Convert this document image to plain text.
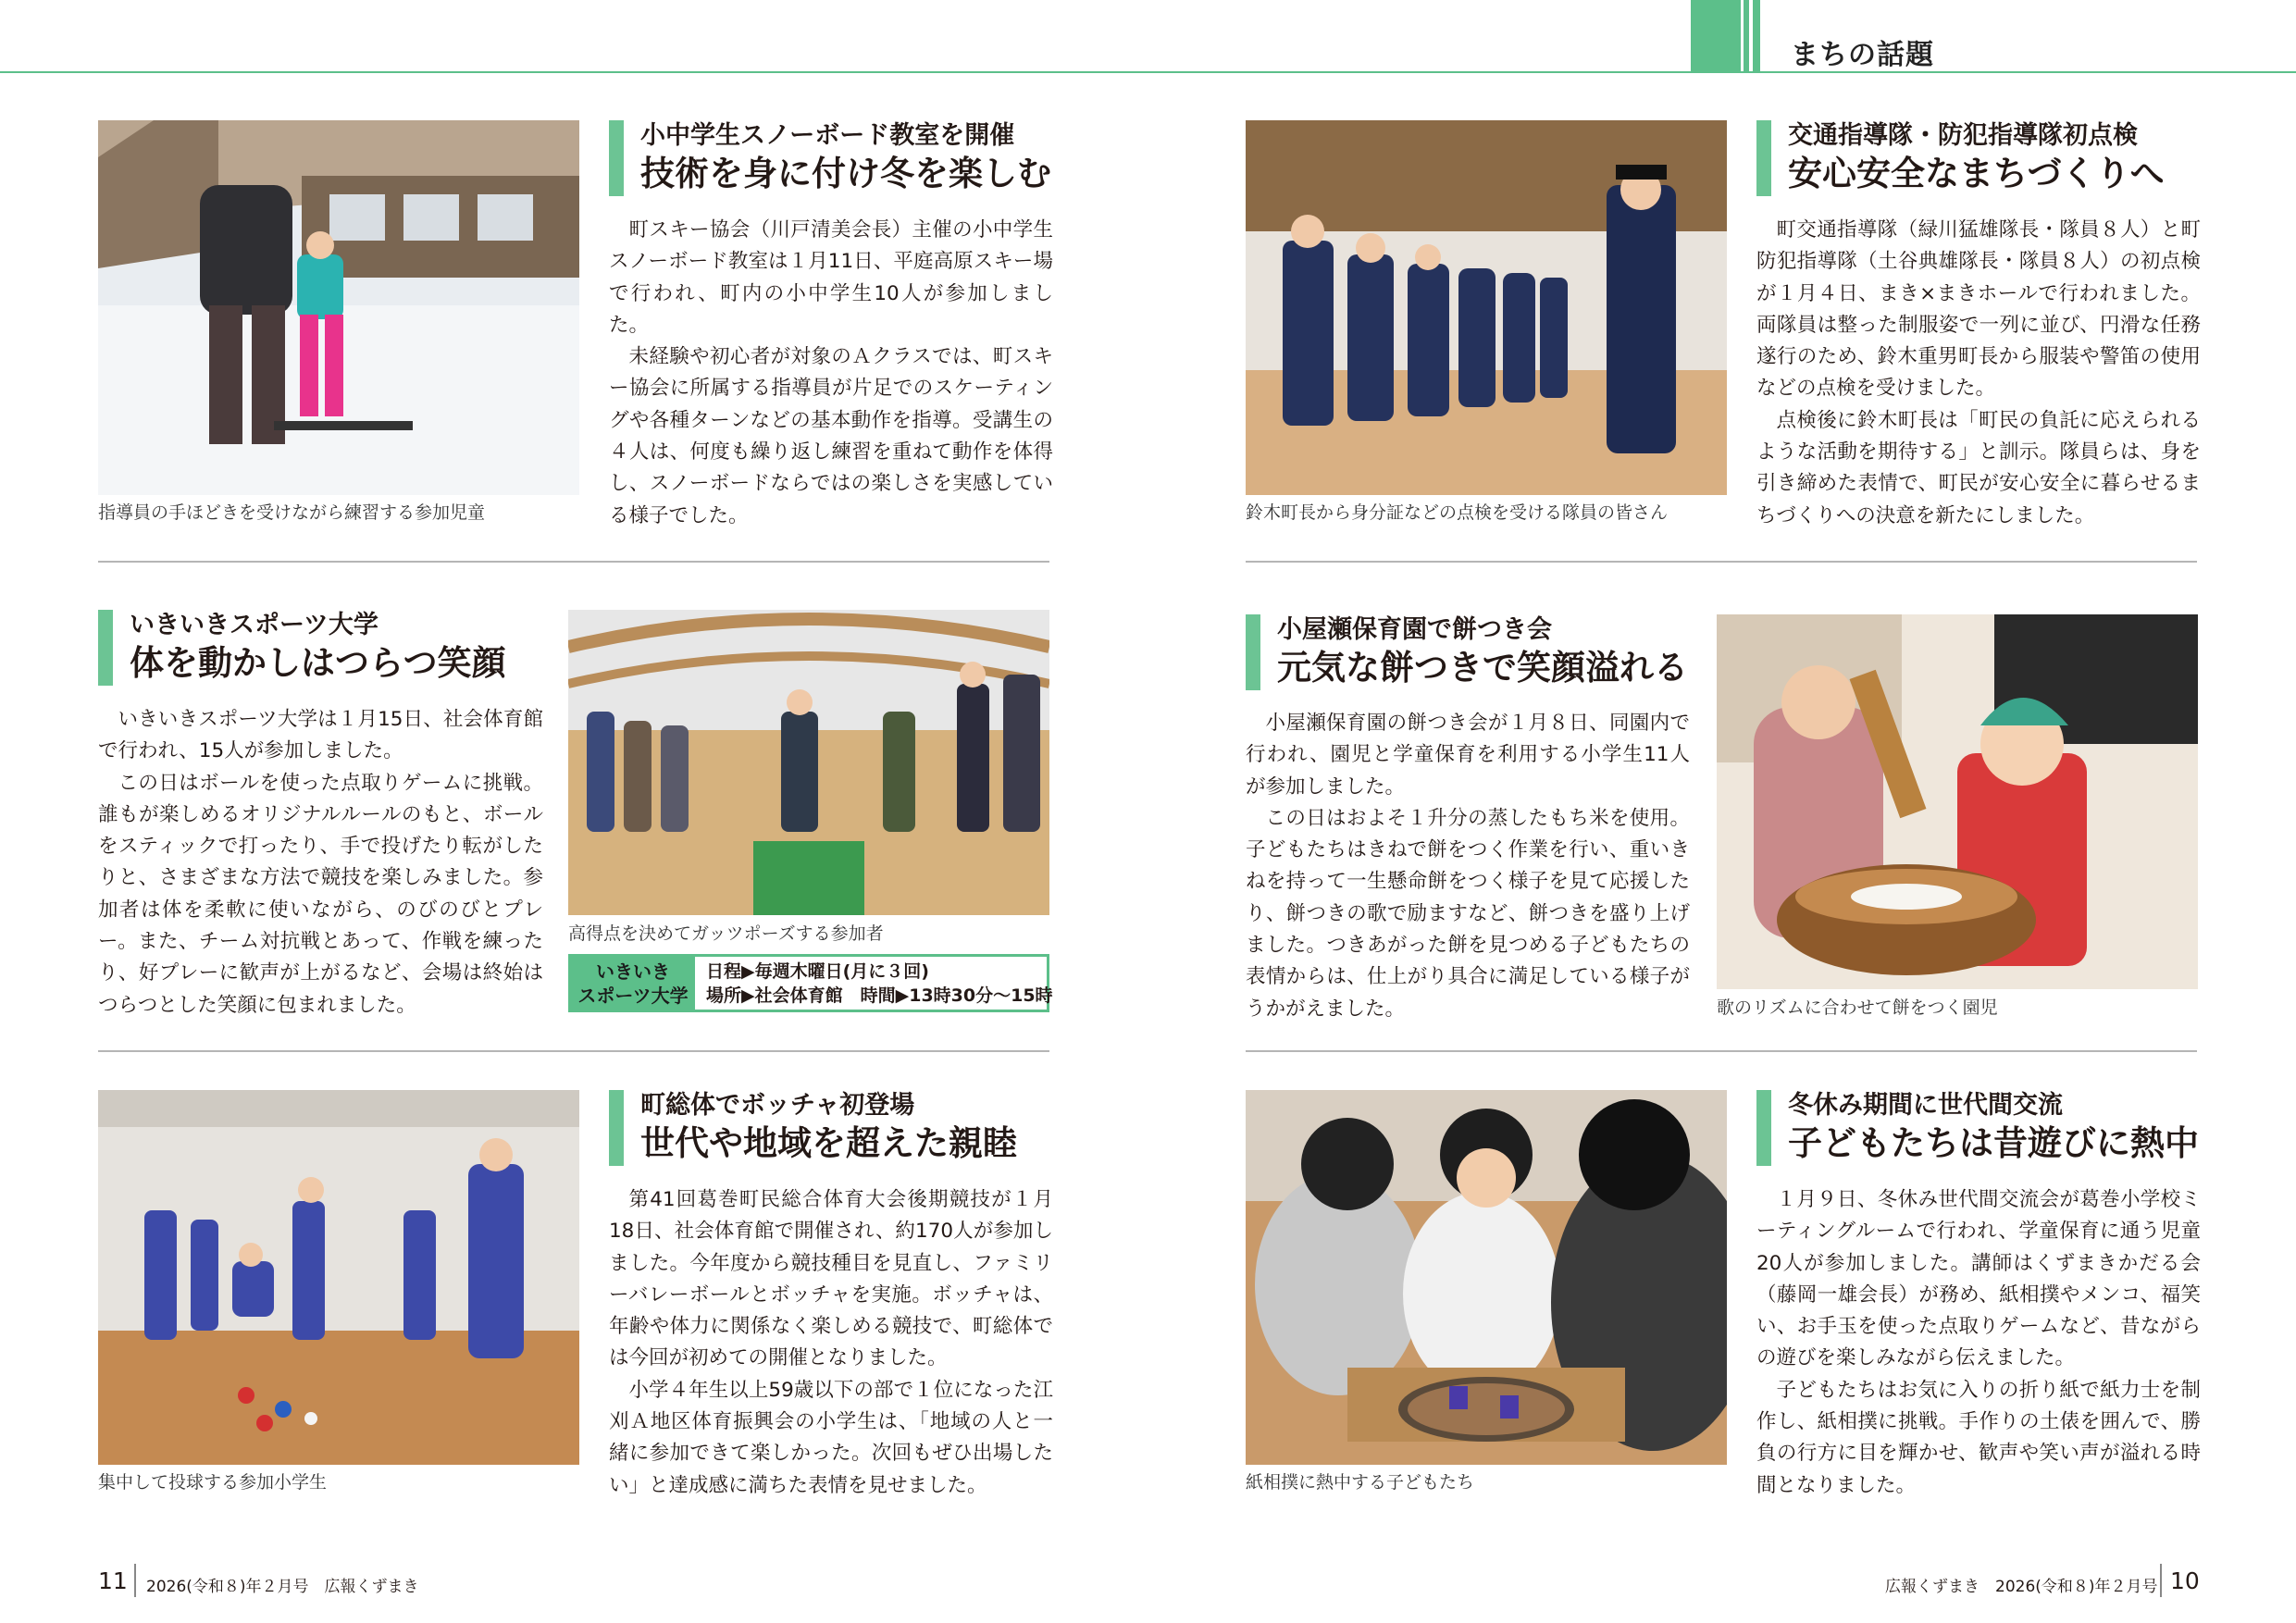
まちの話題
指導員の手ほどきを受けながら練習する参加児童
小中学生スノーボード教室を開催
技術を身に付け冬を楽しむ

町スキー協会（川戸清美会長）主催の小中学生スノーボード教室は１月11日、平庭高原スキー場で行われ、町内の小中学生10人が参加しました。

未経験や初心者が対象のＡクラスでは、町スキー協会に所属する指導員が片足でのスケーティングや各種ターンなどの基本動作を指導。受講生の４人は、何度も繰り返し練習を重ねて動作を体得し、スノーボードならではの楽しさを実感している様子でした。	鈴木町長から身分証などの点検を受ける隊員の皆さん
交通指導隊・防犯指導隊初点検
安心安全なまちづくりへ

町交通指導隊（緑川猛雄隊長・隊員８人）と町防犯指導隊（土谷典雄隊長・隊員８人）の初点検が１月４日、まき×まきホールで行われました。両隊員は整った制服姿で一列に並び、円滑な任務遂行のため、鈴木重男町長から服装や警笛の使用などの点検を受けました。

点検後に鈴木町長は「町民の負託に応えられるような活動を期待する」と訓示。隊員らは、身を引き締めた表情で、町民が安心安全に暮らせるまちづくりへの決意を新たにしました。

いきいきスポーツ大学
体を動かしはつらつ笑顔

いきいきスポーツ大学は１月15日、社会体育館で行われ、15人が参加しました。

この日はボールを使った点取りゲームに挑戦。誰もが楽しめるオリジナルルールのもと、ボールをスティックで打ったり、手で投げたり転がしたりと、さまざまな方法で競技を楽しみました。参加者は体を柔軟に使いながら、のびのびとプレー。また、チーム対抗戦とあって、作戦を練ったり、好プレーに歓声が上がるなど、会場は終始はつらつとした笑顔に包まれました。

高得点を決めてガッツポーズする参加者
いきいき
スポーツ大学
日程▶毎週木曜日(月に３回)
場所▶社会体育館　時間▶13時30分～15時
小屋瀬保育園で餅つき会
元気な餅つきで笑顔溢れる

小屋瀬保育園の餅つき会が１月８日、同園内で行われ、園児と学童保育を利用する小学生11人が参加しました。

この日はおよそ１升分の蒸したもち米を使用。子どもたちはきねで餅をつく作業を行い、重いきねを持って一生懸命餅をつく様子を見て応援したり、餅つきの歌で励ますなど、餅つきを盛り上げました。つきあがった餅を見つめる子どもたちの表情からは、仕上がり具合に満足している様子がうかがえました。	歌のリズムに合わせて餅をつく園児
集中して投球する参加小学生
町総体でボッチャ初登場
世代や地域を超えた親睦

第41回葛巻町民総合体育大会後期競技が１月18日、社会体育館で開催され、約170人が参加しました。今年度から競技種目を見直し、ファミリーバレーボールとボッチャを実施。ボッチャは、年齢や体力に関係なく楽しめる競技で、町総体では今回が初めての開催となりました。

小学４年生以上59歳以下の部で１位になった江刈Ａ地区体育振興会の小学生は、「地域の人と一緒に参加できて楽しかった。次回もぜひ出場したい」と達成感に満ちた表情を見せました。	紙相撲に熱中する子どもたち
冬休み期間に世代間交流
子どもたちは昔遊びに熱中

１月９日、冬休み世代間交流会が葛巻小学校ミーティングルームで行われ、学童保育に通う児童20人が参加しました。講師はくずまきかだる会（藤岡一雄会長）が務め、紙相撲やメンコ、福笑い、お手玉を使った点取りゲームなど、昔ながらの遊びを楽しみながら伝えました。

子どもたちはお気に入りの折り紙で紙力士を制作し、紙相撲に挑戦。手作りの土俵を囲んで、勝負の行方に目を輝かせ、歓声や笑い声が溢れる時間となりました。

11 2026(令和８)年２月号　広報くずまき	広報くずまき　2026(令和８)年２月号 10
